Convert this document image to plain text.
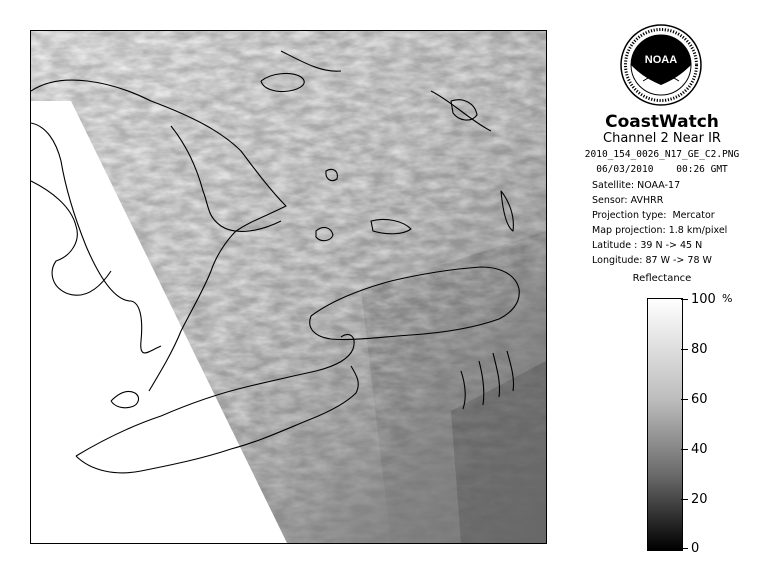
NOAA
CoastWatch
Channel 2 Near IR
2010_154_0026_N17_GE_C2.PNG
06/03/2010    00:26 GMT
Satellite: NOAA-17
Sensor: AVHRR
Projection type:  Mercator
Map projection: 1.8 km/pixel
Latitude : 39 N -> 45 N
Longitude: 87 W -> 78 W
Reflectance
%
100
80
60
40
20
0
